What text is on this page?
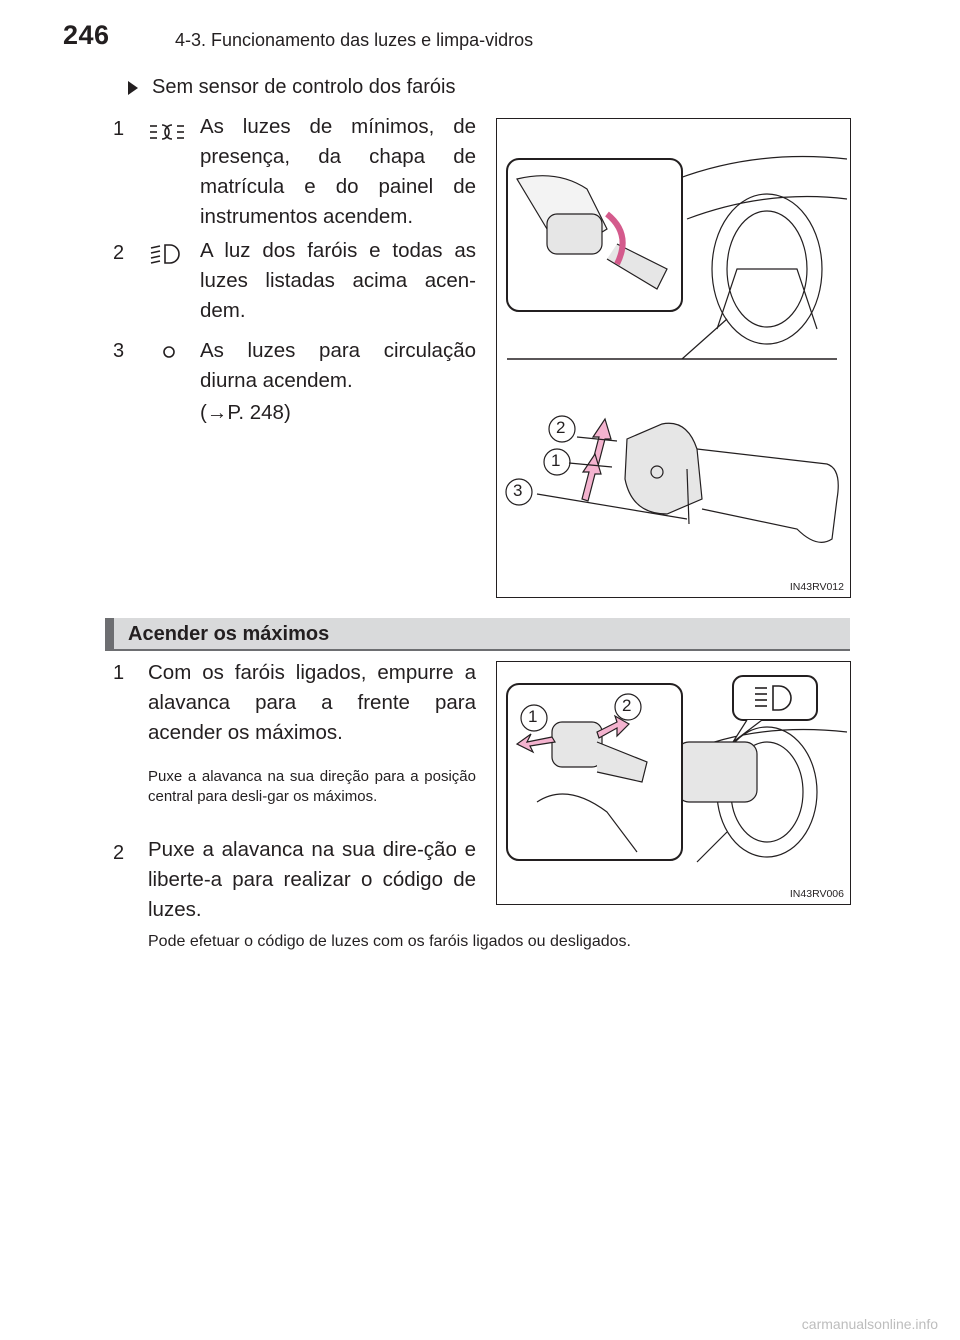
246	4-3. Funcionamento das luzes e limpa-vidros
Sem sensor de controlo dos faróis
1	As luzes de mínimos, de presença, da chapa de matrícula e do painel de instrumentos acendem.
2	A luz dos faróis e todas as luzes listadas acima acen-dem.
3	As luzes para circulação diurna acendem.
(→P. 248)
2
1
3
IN43RV012
Acender os máximos
1	Com os faróis ligados, empurre a alavanca para a frente para acender os máximos.
Puxe a alavanca na sua direção para a posição central para desli-gar os máximos.
2	Puxe a alavanca na sua dire-ção e liberte-a para realizar o código de luzes.
1
2
IN43RV006
Pode efetuar o código de luzes com os faróis ligados ou desligados.
carmanualsonline.info
